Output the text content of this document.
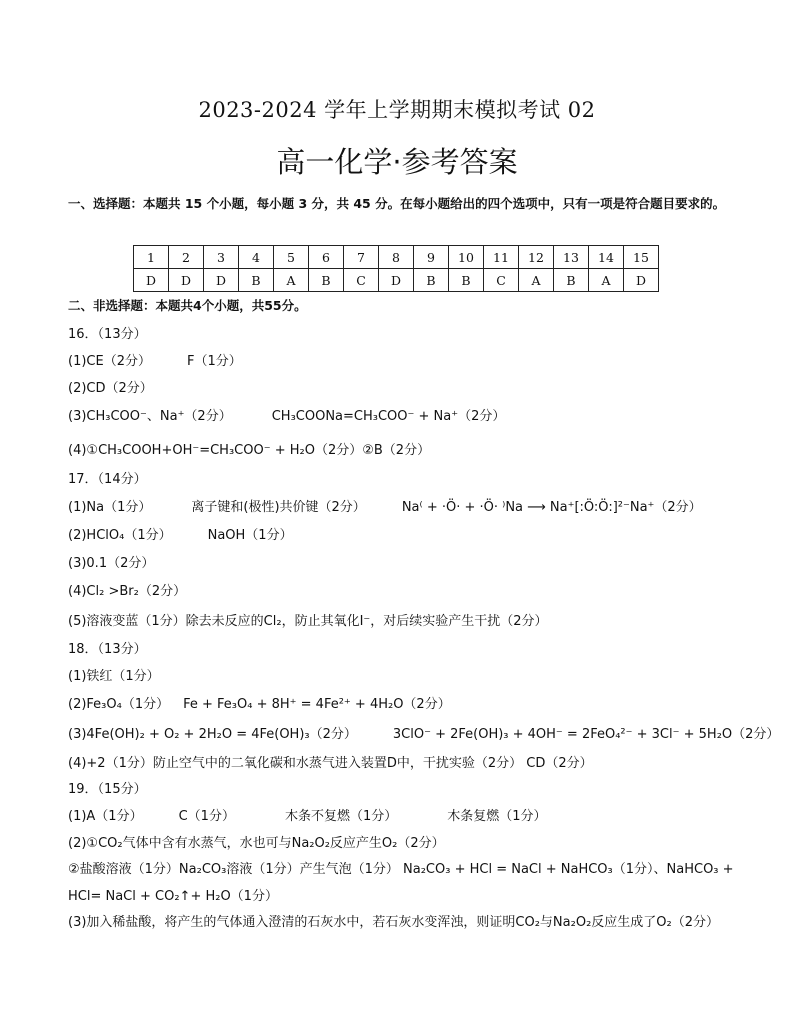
2023-2024 学年上学期期末模拟考试 02
高一化学·参考答案
一、选择题：本题共 15 个小题，每小题 3 分，共 45 分。在每小题给出的四个选项中，只有一项是符合题目要求的。
1	2	3	4	5	6	7	8	9	10	11	12	13	14	15
D	D	D	B	A	B	C	D	B	B	C	A	B	A	D
二、非选择题：本题共4个小题，共55分。
16．（13分）
(1)CE（2分）	F（1分）
(2)CD（2分）
(3)CH₃COO⁻、Na⁺（2分）	CH₃COONa=CH₃COO⁻ + Na⁺（2分）
(4)①CH₃COOH+OH⁻=CH₃COO⁻ + H₂O（2分）②B（2分）
17．（14分）
(1)Na（1分）	离子键和(极性)共价键（2分）	Na⁽ + ·Ö· + ·Ö· ⁾Na ⟶ Na⁺[:Ö:Ö:]²⁻Na⁺（2分）
(2)HClO₄（1分）	NaOH（1分）
(3)0.1（2分）
(4)Cl₂ >Br₂（2分）
(5)溶液变蓝（1分）除去未反应的Cl₂，防止其氧化I⁻，对后续实验产生干扰（2分）
18．（13分）
(1)铁红（1分）
(2)Fe₃O₄（1分） Fe + Fe₃O₄ + 8H⁺ = 4Fe²⁺ + 4H₂O（2分）
(3)4Fe(OH)₂ + O₂ + 2H₂O = 4Fe(OH)₃（2分）	3ClO⁻ + 2Fe(OH)₃ + 4OH⁻ = 2FeO₄²⁻ + 3Cl⁻ + 5H₂O（2分）
(4)+2（1分）防止空气中的二氧化碳和水蒸气进入装置D中，干扰实验（2分） CD（2分）
19．（15分）
(1)A（1分）	C（1分）	木条不复燃（1分）	木条复燃（1分）
(2)①CO₂气体中含有水蒸气，水也可与Na₂O₂反应产生O₂（2分）
②盐酸溶液（1分）Na₂CO₃溶液（1分）产生气泡（1分） Na₂CO₃ + HCl = NaCl + NaHCO₃（1分）、NaHCO₃ +
HCl= NaCl + CO₂↑+ H₂O（1分）
(3)加入稀盐酸，将产生的气体通入澄清的石灰水中，若石灰水变浑浊，则证明CO₂与Na₂O₂反应生成了O₂（2分）
